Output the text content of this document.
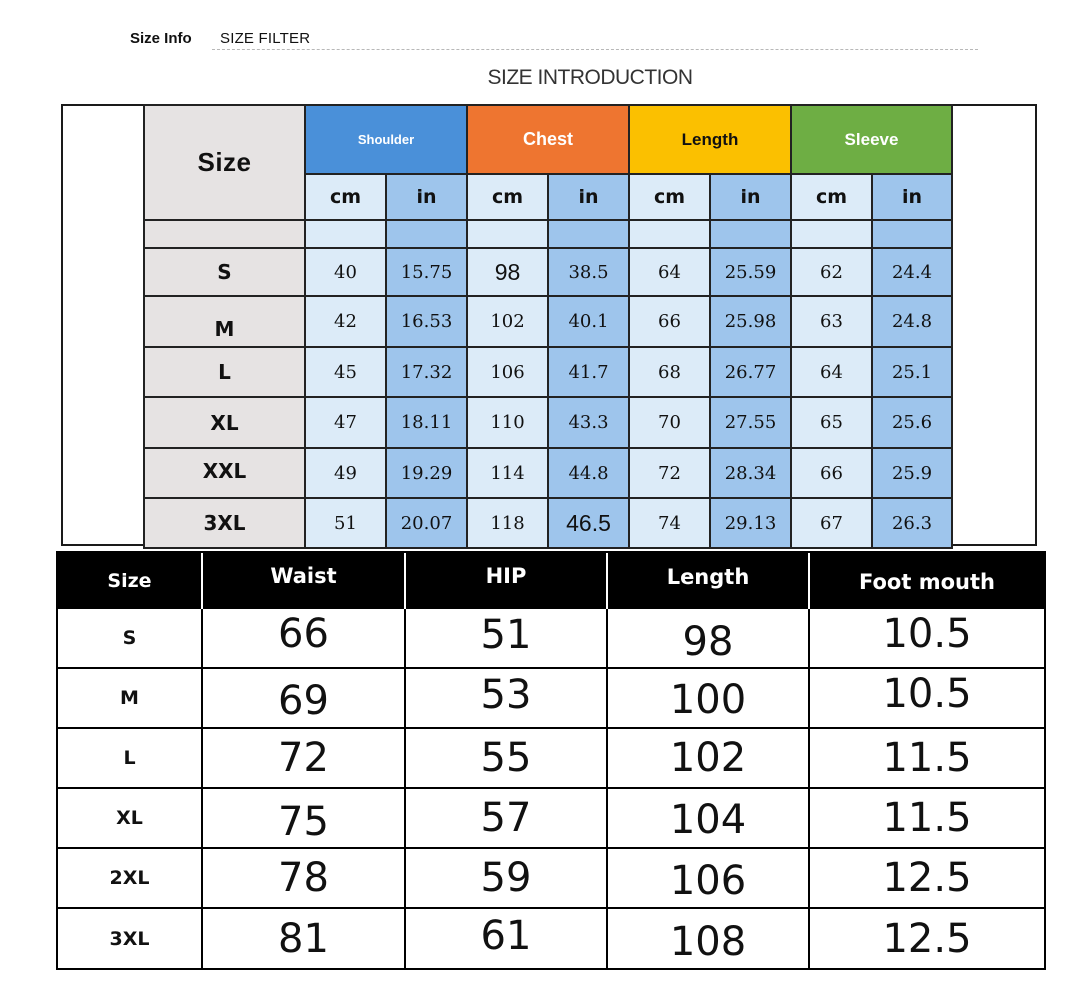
Size Info SIZE FILTER
SIZE INTRODUCTION
Size
Shoulder	Chest	Length	Sleeve
cm	in	cm	in	cm	in	cm	in
S	40	15.75	98	38.5	64	25.59	62	24.4
M	42	16.53	102	40.1	66	25.98	63	24.8
L	45	17.32	106	41.7	68	26.77	64	25.1
XL	47	18.11	110	43.3	70	27.55	65	25.6
XXL	49	19.29	114	44.8	72	28.34	66	25.9
3XL	51	20.07	118	46.5	74	29.13	67	26.3
Size	Waist	HIP	Length	Foot mouth
S	66	51	98	10.5
M	69	53	100	10.5
L	72	55	102	11.5
XL	75	57	104	11.5
2XL	78	59	106	12.5
3XL	81	61	108	12.5
